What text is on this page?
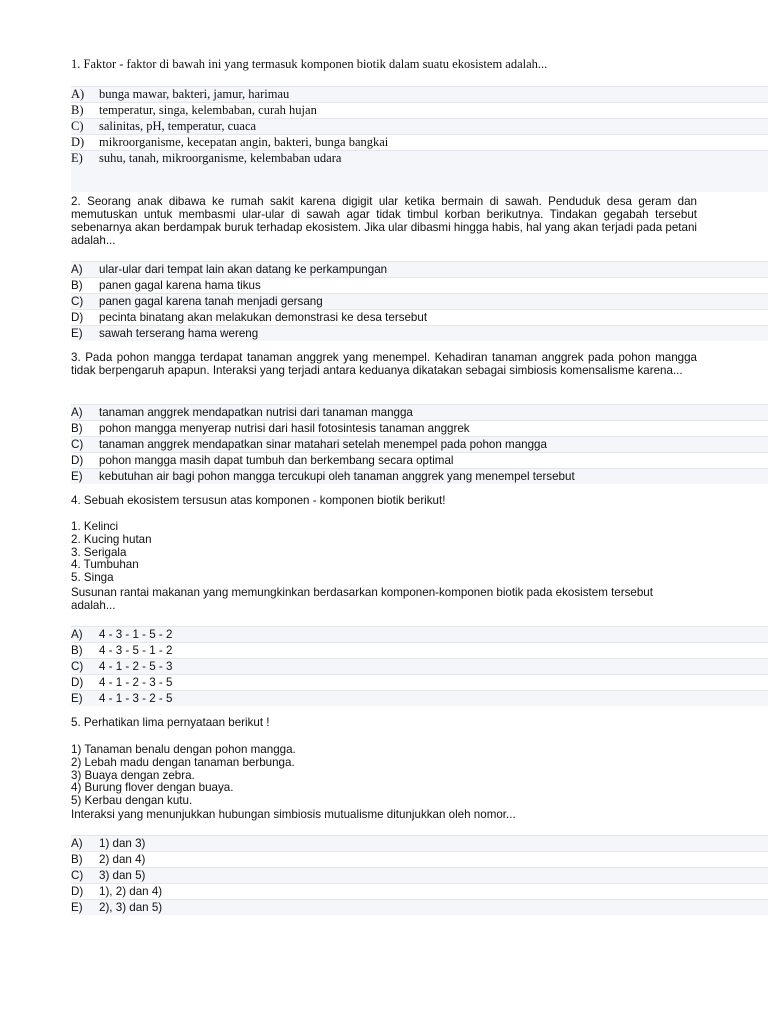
1. Faktor - faktor di bawah ini yang termasuk komponen biotik dalam suatu ekosistem adalah...
A) bunga mawar, bakteri, jamur, harimau
B) temperatur, singa, kelembaban, curah hujan
C) salinitas, pH, temperatur, cuaca
D) mikroorganisme, kecepatan angin, bakteri, bunga bangkai
E) suhu, tanah, mikroorganisme, kelembaban udara
2. Seorang anak dibawa ke rumah sakit karena digigit ular ketika bermain di sawah. Penduduk desa geram dan memutuskan untuk membasmi ular-ular di sawah agar tidak timbul korban berikutnya. Tindakan gegabah tersebut sebenarnya akan berdampak buruk terhadap ekosistem. Jika ular dibasmi hingga habis, hal yang akan terjadi pada petani adalah...
A) ular-ular dari tempat lain akan datang ke perkampungan
B) panen gagal karena hama tikus
C) panen gagal karena tanah menjadi gersang
D) pecinta binatang akan melakukan demonstrasi ke desa tersebut
E) sawah terserang hama wereng
3. Pada pohon mangga terdapat tanaman anggrek yang menempel. Kehadiran tanaman anggrek pada pohon mangga tidak berpengaruh apapun. Interaksi yang terjadi antara keduanya dikatakan sebagai simbiosis komensalisme karena...
A) tanaman anggrek mendapatkan nutrisi dari tanaman mangga
B) pohon mangga menyerap nutrisi dari hasil fotosintesis tanaman anggrek
C) tanaman anggrek mendapatkan sinar matahari setelah menempel pada pohon mangga
D) pohon mangga masih dapat tumbuh dan berkembang secara optimal
E) kebutuhan air bagi pohon mangga tercukupi oleh tanaman anggrek yang menempel tersebut
4. Sebuah ekosistem tersusun atas komponen - komponen biotik berikut!
1. Kelinci
2. Kucing hutan
3. Serigala
4. Tumbuhan
5. Singa
Susunan rantai makanan yang memungkinkan berdasarkan komponen-komponen biotik pada ekosistem tersebut adalah...
A) 4 - 3 - 1 - 5 - 2
B) 4 - 3 - 5 - 1 - 2
C) 4 - 1 - 2 - 5 - 3
D) 4 - 1 - 2 - 3 - 5
E) 4 - 1 - 3 - 2 - 5
5. Perhatikan lima pernyataan berikut !
1) Tanaman benalu dengan pohon mangga.
2) Lebah madu dengan tanaman berbunga.
3) Buaya dengan zebra.
4) Burung flover dengan buaya.
5) Kerbau dengan kutu.
Interaksi yang menunjukkan hubungan simbiosis mutualisme ditunjukkan oleh nomor...
A) 1) dan 3)
B) 2) dan 4)
C) 3) dan 5)
D) 1), 2) dan 4)
E) 2), 3) dan 5)
